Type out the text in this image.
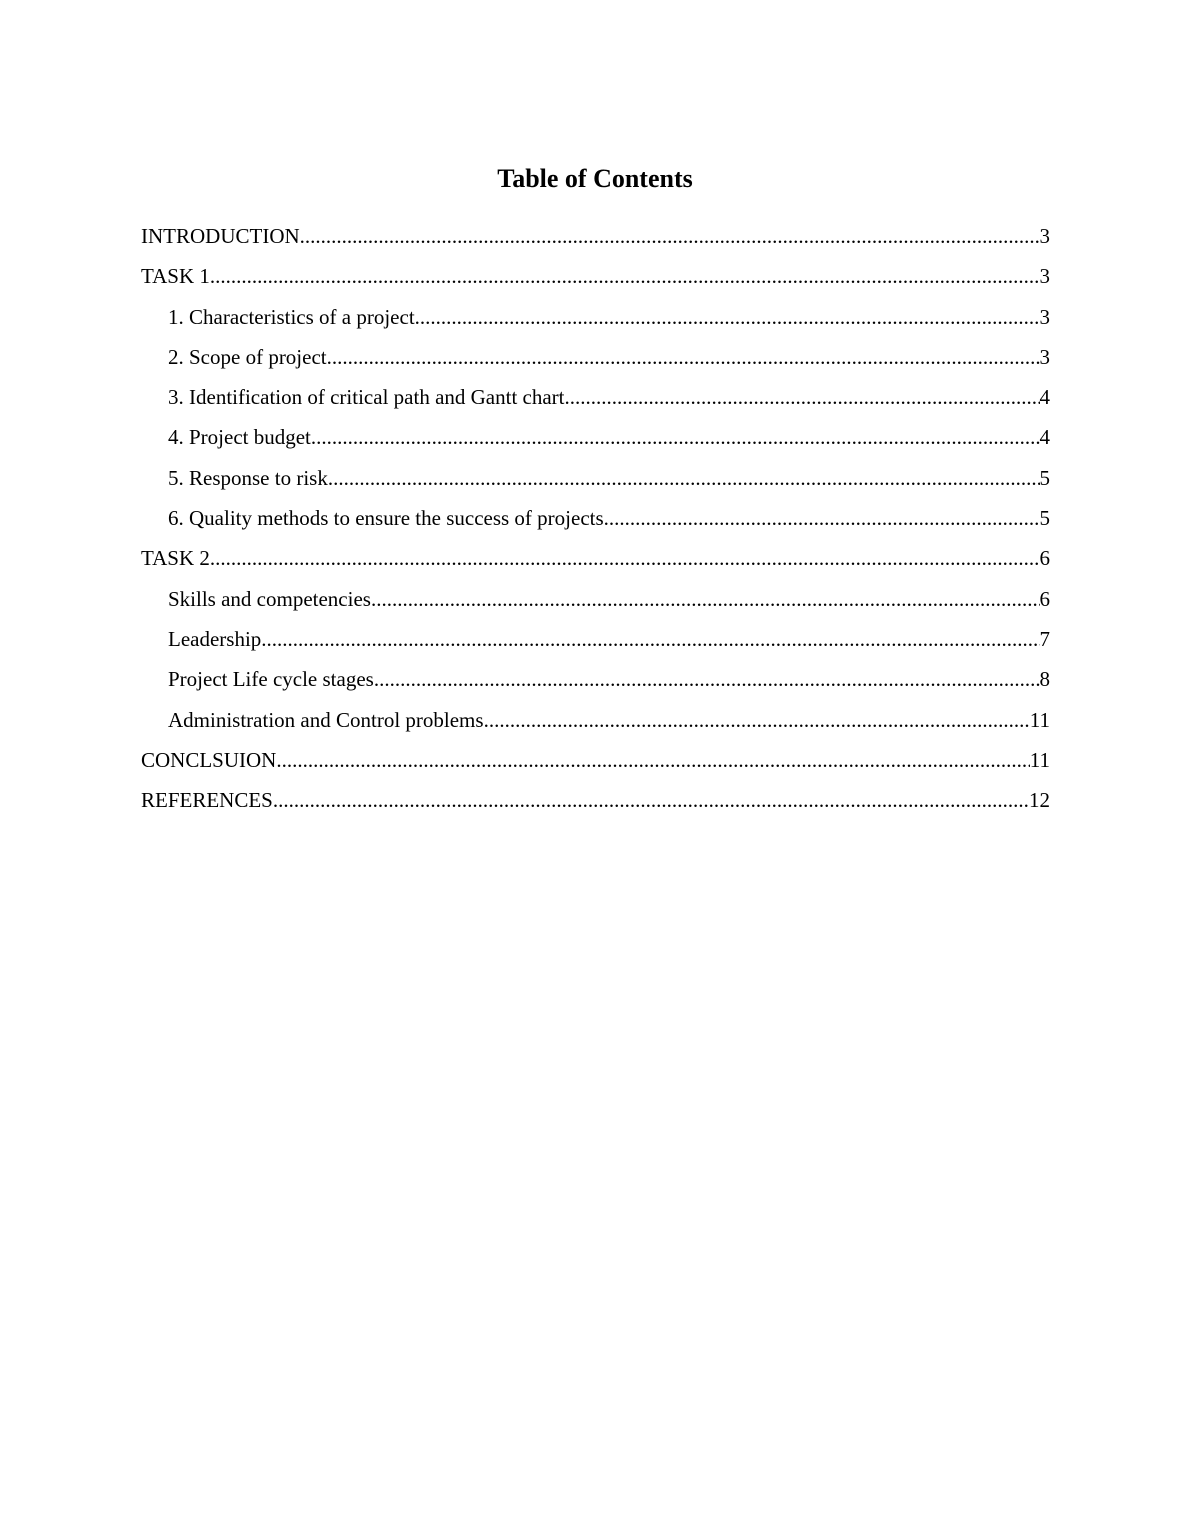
Table of Contents
INTRODUCTION .....	3
TASK 1 .....	3
1. Characteristics of a project .....	3
2. Scope of project .....	3
3. Identification of critical path and Gantt chart .....	4
4. Project budget .....	4
5. Response to risk .....	5
6. Quality methods to ensure the success of projects .....	5
TASK 2 .....	6
Skills and competencies .....	6
Leadership .....	7
Project Life cycle stages .....	8
Administration and Control problems .....	11
CONCLSUION .....	11
REFERENCES .....	12
